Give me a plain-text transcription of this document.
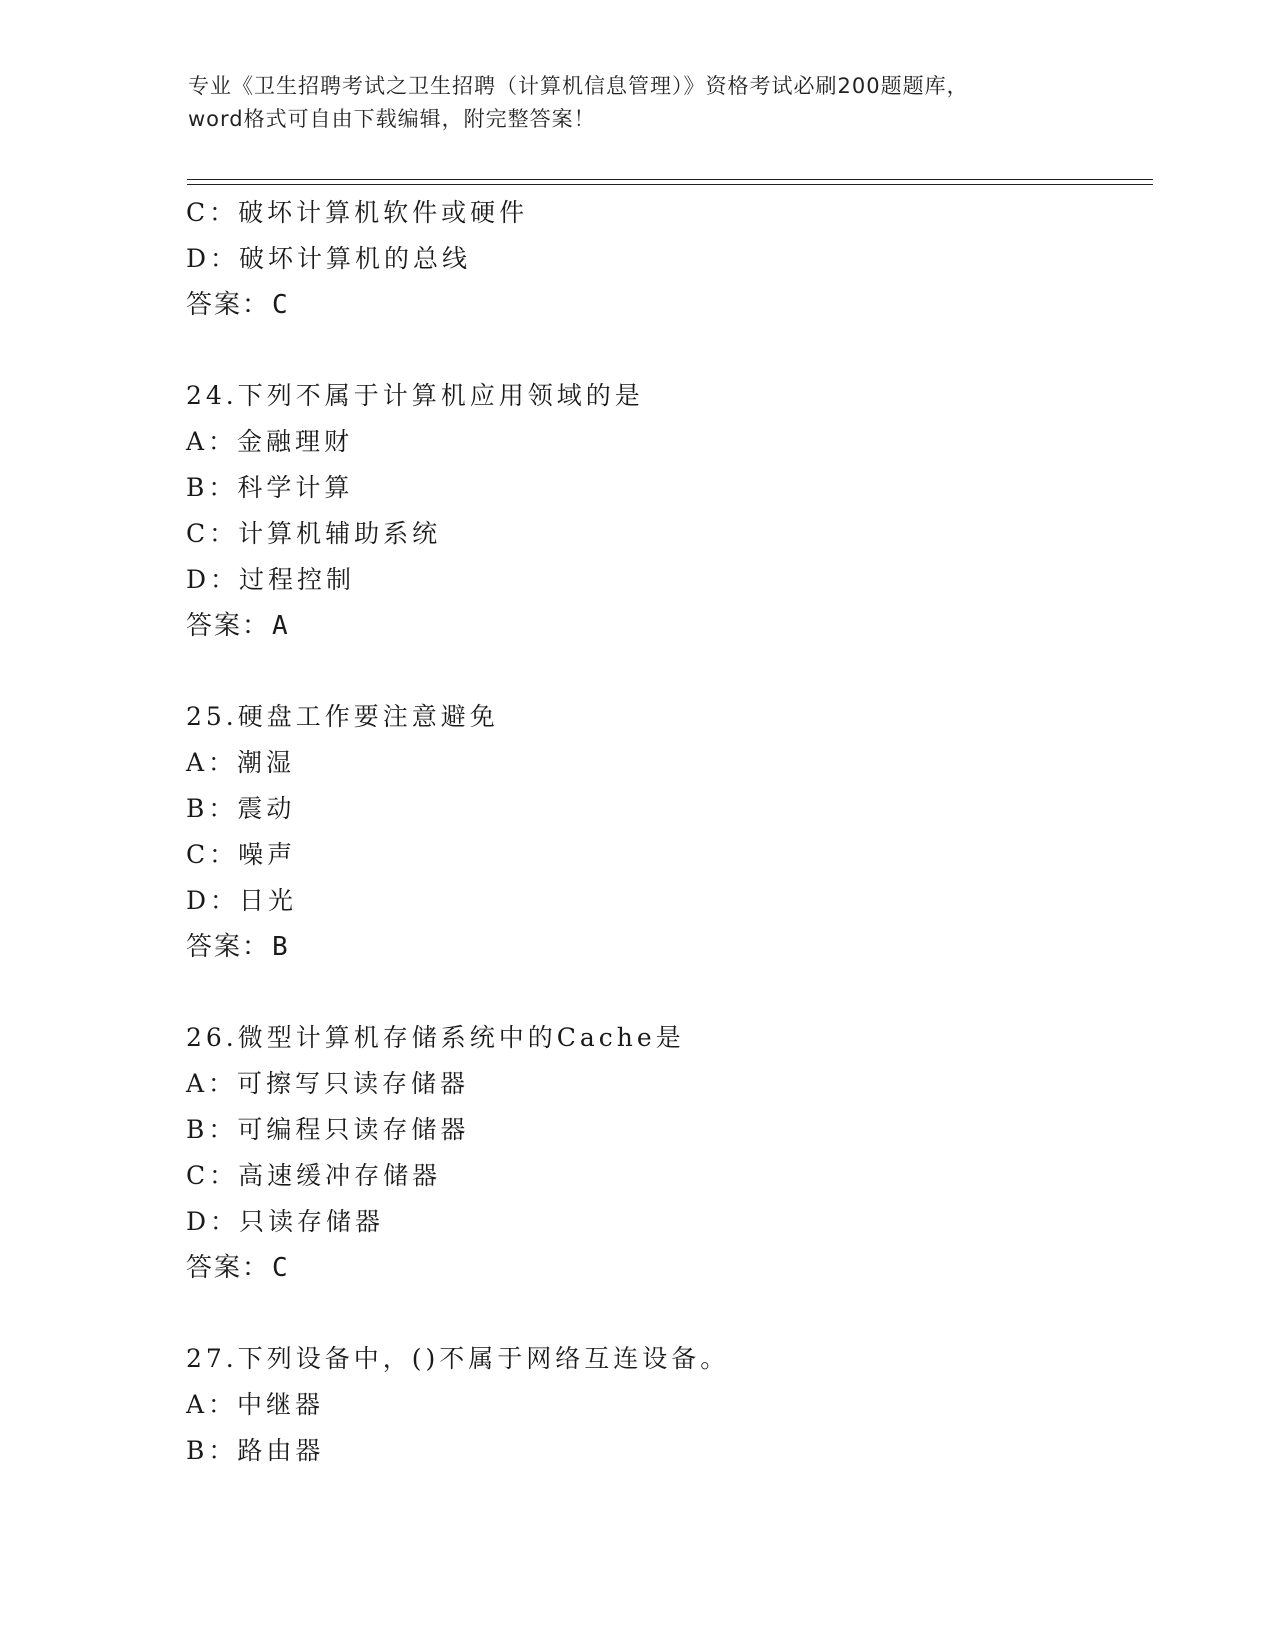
专业《卫生招聘考试之卫生招聘（计算机信息管理）》资格考试必刷200题题库，
word格式可自由下载编辑，附完整答案！
C：破坏计算机软件或硬件
D：破坏计算机的总线
答案：C
24.下列不属于计算机应用领域的是
A：金融理财
B：科学计算
C：计算机辅助系统
D：过程控制
答案：A
25.硬盘工作要注意避免
A：潮湿
B：震动
C：噪声
D：日光
答案：B
26.微型计算机存储系统中的Cache是
A：可擦写只读存储器
B：可编程只读存储器
C：高速缓冲存储器
D：只读存储器
答案：C
27.下列设备中，()不属于网络互连设备。
A：中继器
B：路由器
